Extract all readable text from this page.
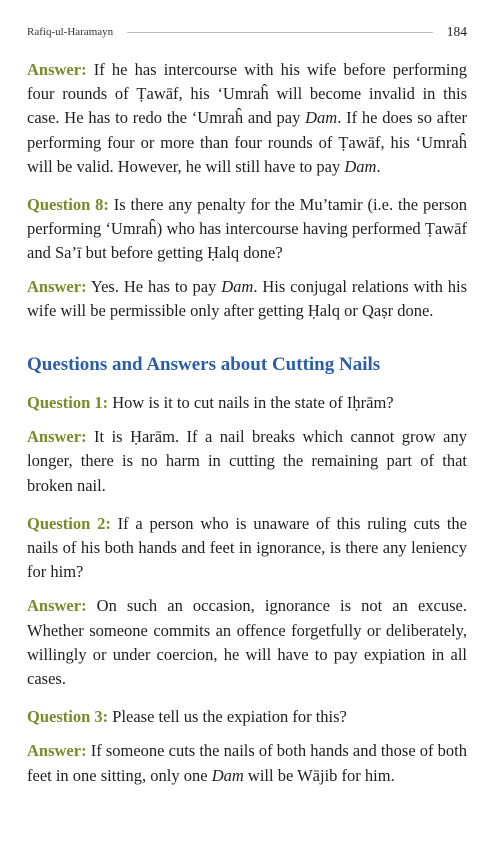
Rafiq-ul-Haramayn	184

Answer: If he has intercourse with his wife before performing four rounds of Ṭawāf, his ‘Umraĥ will become invalid in this case. He has to redo the ‘Umraĥ and pay Dam. If he does so after performing four or more than four rounds of Ṭawāf, his ‘Umraĥ will be valid. However, he will still have to pay Dam.

Question 8: Is there any penalty for the Mu’tamir (i.e. the person performing ‘Umraĥ) who has intercourse having performed Ṭawāf and Sa’ī but before getting Ḥalq done?

Answer: Yes. He has to pay Dam. His conjugal relations with his wife will be permissible only after getting Ḥalq or Qaṣr done.

Questions and Answers about Cutting Nails

Question 1: How is it to cut nails in the state of Iḥrām?

Answer: It is Ḥarām. If a nail breaks which cannot grow any longer, there is no harm in cutting the remaining part of that broken nail.

Question 2: If a person who is unaware of this ruling cuts the nails of his both hands and feet in ignorance, is there any leniency for him?

Answer: On such an occasion, ignorance is not an excuse. Whether someone commits an offence forgetfully or deliberately, willingly or under coercion, he will have to pay expiation in all cases.

Question 3: Please tell us the expiation for this?

Answer: If someone cuts the nails of both hands and those of both feet in one sitting, only one Dam will be Wājib for him.
